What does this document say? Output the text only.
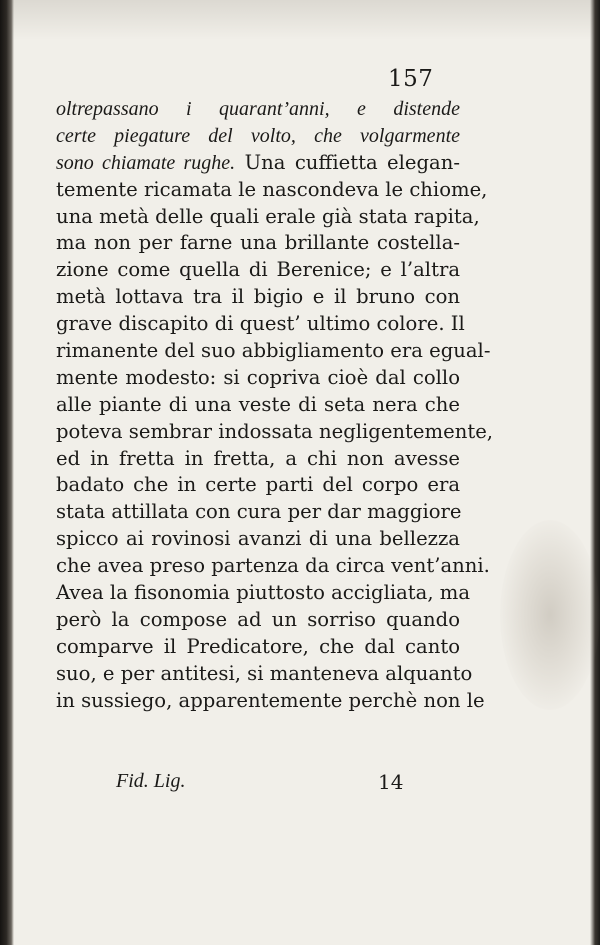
157
oltrepassano i quarant’anni, e distende
certe piegature del volto, che volgarmente
sono chiamate rughe. Una cuffietta elegan-
temente ricamata le nascondeva le chiome,
una metà delle quali erale già stata rapita,
ma non per farne una brillante costella-
zione come quella di Berenice; e l’altra
metà lottava tra il bigio e il bruno con
grave discapito di quest’ ultimo colore. Il
rimanente del suo abbigliamento era egual-
mente modesto: si copriva cioè dal collo
alle piante di una veste di seta nera che
poteva sembrar indossata negligentemente,
ed in fretta in fretta, a chi non avesse
badato che in certe parti del corpo era
stata attillata con cura per dar maggiore
spicco ai rovinosi avanzi di una bellezza
che avea preso partenza da circa vent’anni.
Avea la fisonomia piuttosto accigliata, ma
però la compose ad un sorriso quando
comparve il Predicatore, che dal canto
suo, e per antitesi, si manteneva alquanto
in sussiego, apparentemente perchè non le
Fid. Lig.	14
